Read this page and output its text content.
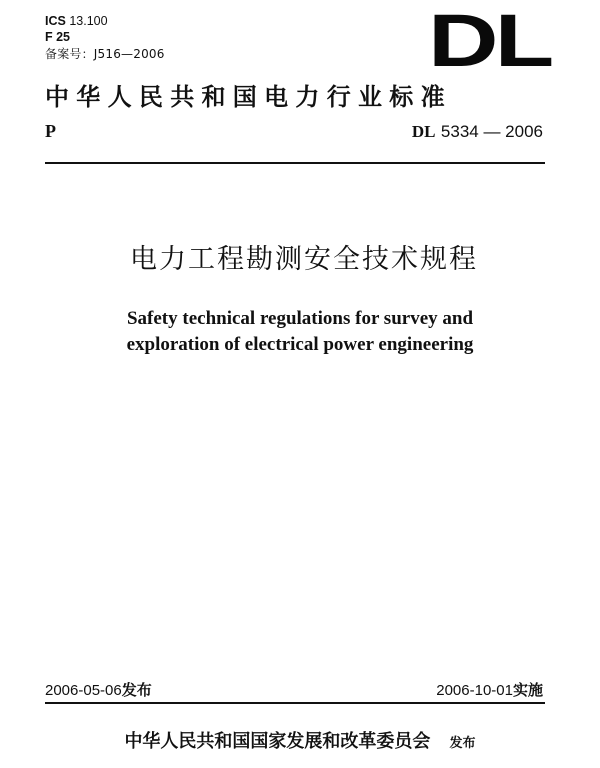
ICS 13.100
F 25
备案号：J516—2006	DL
中华人民共和国电力行业标准
P	DL 5334 — 2006
电力工程勘测安全技术规程
Safety technical regulations for survey and
exploration of electrical power engineering
2006-05-06发布	2006-10-01实施
中华人民共和国国家发展和改革委员会 发布
